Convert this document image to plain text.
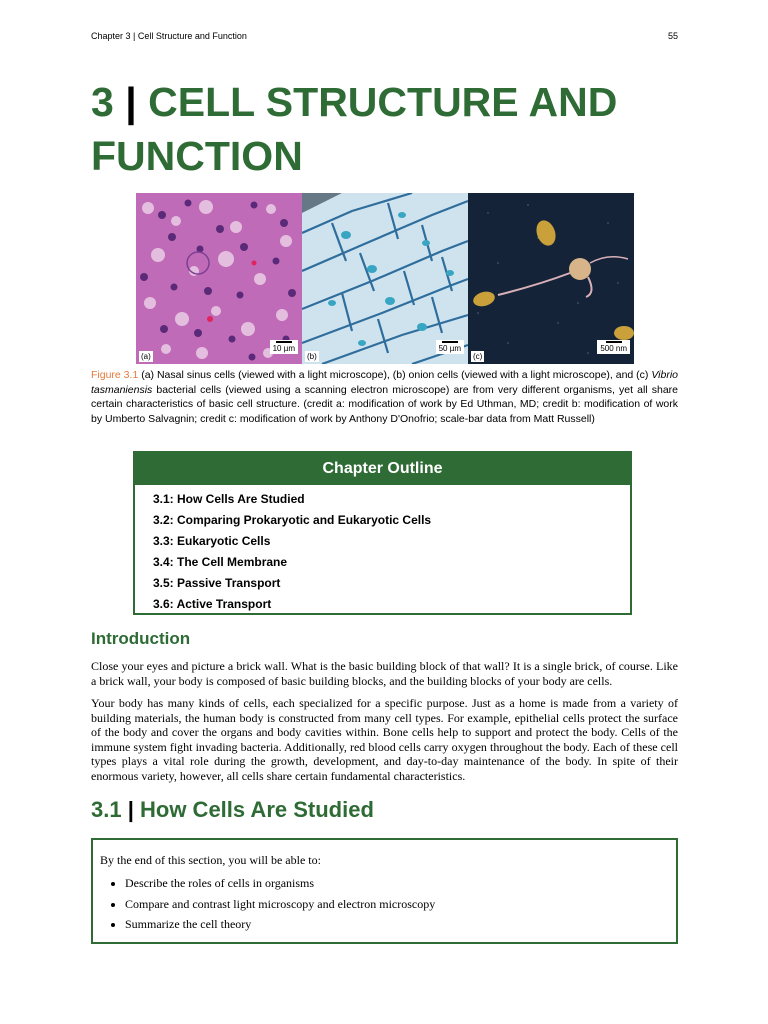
Chapter 3 | Cell Structure and Function	55
3 | CELL STRUCTURE AND
FUNCTION
(a)
10 µm
(b)
50 µm
(c)
500 nm

Figure 3.1 (a) Nasal sinus cells (viewed with a light microscope), (b) onion cells (viewed with a light microscope), and (c) Vibrio tasmaniensis bacterial cells (viewed using a scanning electron microscope) are from very different organisms, yet all share certain characteristics of basic cell structure. (credit a: modification of work by Ed Uthman, MD; credit b: modification of work by Umberto Salvagnin; credit c: modification of work by Anthony D'Onofrio; scale-bar data from Matt Russell)

Chapter Outline
3.1: How Cells Are Studied
3.2: Comparing Prokaryotic and Eukaryotic Cells
3.3: Eukaryotic Cells
3.4: The Cell Membrane
3.5: Passive Transport
3.6: Active Transport
Introduction

Close your eyes and picture a brick wall. What is the basic building block of that wall? It is a single brick, of course. Like a brick wall, your body is composed of basic building blocks, and the building blocks of your body are cells.

Your body has many kinds of cells, each specialized for a specific purpose. Just as a home is made from a variety of building materials, the human body is constructed from many cell types. For example, epithelial cells protect the surface of the body and cover the organs and body cavities within. Bone cells help to support and protect the body. Cells of the immune system fight invading bacteria. Additionally, red blood cells carry oxygen throughout the body. Each of these cell types plays a vital role during the growth, development, and day-to-day maintenance of the body. In spite of their enormous variety, however, all cells share certain fundamental characteristics.

3.1 | How Cells Are Studied

By the end of this section, you will be able to:

• Describe the roles of cells in organisms
• Compare and contrast light microscopy and electron microscopy
• Summarize the cell theory
